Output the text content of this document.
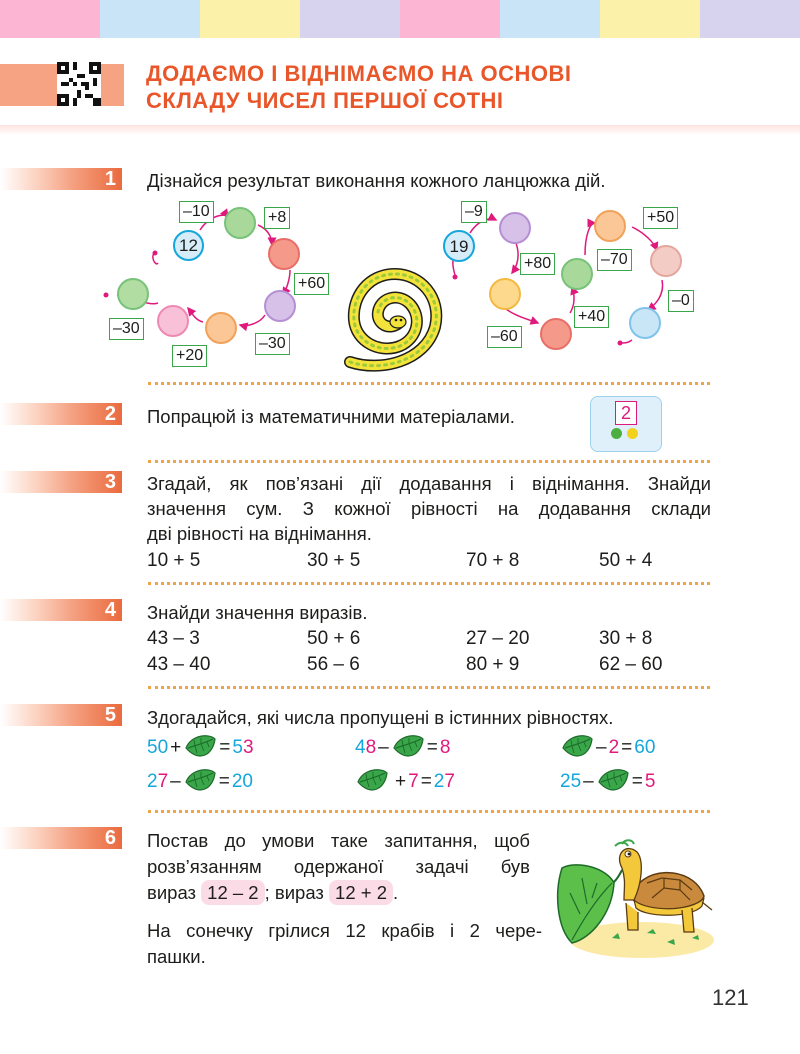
ДОДАЄМО І ВІДНІМАЄМО НА ОСНОВІ
СКЛАДУ ЧИСЕЛ ПЕРШОЇ СОТНІ
1	Дізнайся результат виконання кожного ланцюжка дій.
12
–10	+8
+60
–30
+20
–30
19
–9
+80
–60
+40
–70
+50
–0
2	Попрацюй із математичними матеріалами.	2
3	Згадай, як пов’язані дії додавання і віднімання. Знайди
значення сум. З кожної рівності на додавання склади
дві рівності на віднімання.
10 + 5	30 + 5	70 + 8	50 + 4
4	Знайди значення виразів.
43 – 3	50 + 6	27 – 20	30 + 8
43 – 40	56 – 6	80 + 9	62 – 60
5	Здогадайся, які числа пропущені в істинних рівностях.
50 + = 5 3	4 8 – = 8	– 2 = 6 0
2 7 – = 20	+ 7 = 2 7	25 – = 5
6	Постав до умови таке запитання, щоб
розв’язанням одержаної задачі був
вираз 12 – 2 ; вираз 12 + 2 .
На сонечку грілися 12 крабів і 2 чере-
пашки.
121
